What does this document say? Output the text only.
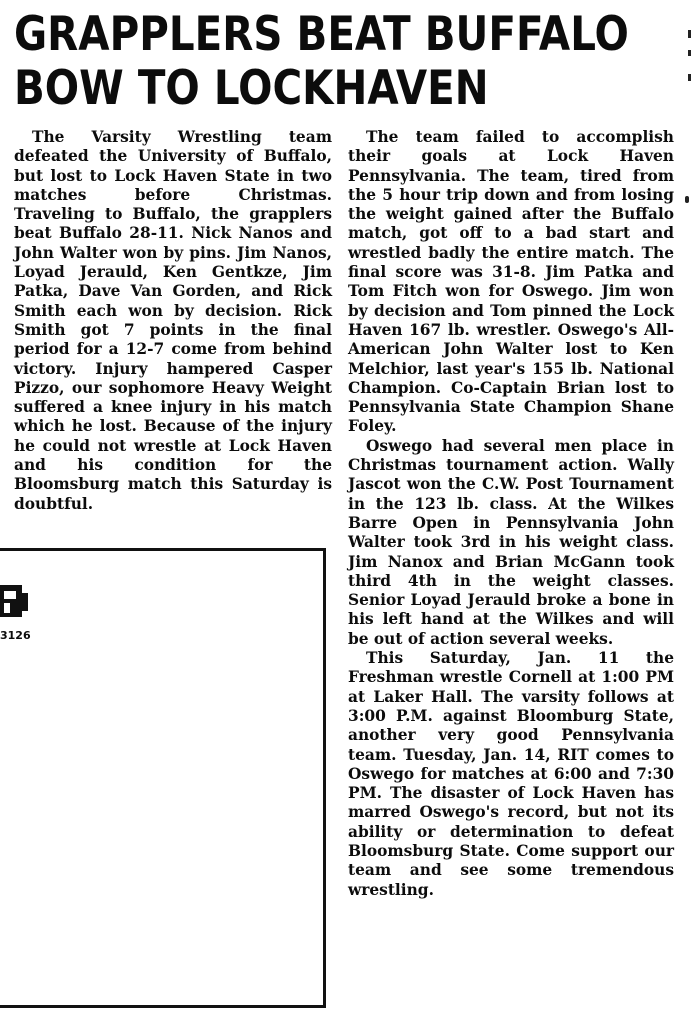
GRAPPLERS BEAT BUFFALO
BOW TO LOCKHAVEN

The Varsity Wrestling team defeated the University of Buffalo, but lost to Lock Haven State in two matches before Christmas. Traveling to Buffalo, the grapplers beat Buffalo 28-11. Nick Nanos and John Walter won by pins. Jim Nanos, Loyad Jerauld, Ken Gentkze, Jim Patka, Dave Van Gorden, and Rick Smith each won by decision. Rick Smith got 7 points in the final period for a 12-7 come from behind victory. Injury hampered Casper Pizzo, our sophomore Heavy Weight suffered a knee injury in his match which he lost. Because of the injury he could not wrestle at Lock Haven and his condition for the Bloomsburg match this Saturday is doubtful.

The team failed to accomplish their goals at Lock Haven Pennsylvania. The team, tired from the 5 hour trip down and from losing the weight gained after the Buffalo match, got off to a bad start and wrestled badly the entire match. The final score was 31-8. Jim Patka and Tom Fitch won for Oswego. Jim won by decision and Tom pinned the Lock Haven 167 lb. wrestler. Oswego's All-American John Walter lost to Ken Melchior, last year's 155 lb. National Champion. Co-Captain Brian lost to Pennsylvania State Champion Shane Foley.

Oswego had several men place in Christmas tournament action. Wally Jascot won the C.W. Post Tournament in the 123 lb. class. At the Wilkes Barre Open in Pennsylvania John Walter took 3rd in his weight class. Jim Nanox and Brian McGann took third 4th in the weight classes. Senior Loyad Jerauld broke a bone in his left hand at the Wilkes and will be out of action several weeks.

This Saturday, Jan. 11 the Freshman wrestle Cornell at 1:00 PM at Laker Hall. The varsity follows at 3:00 P.M. against Bloomburg State, another very good Pennsylvania team. Tuesday, Jan. 14, RIT comes to Oswego for matches at 6:00 and 7:30 PM. The disaster of Lock Haven has marred Oswego's record, but not its ability or determination to defeat Bloomsburg State. Come support our team and see some tremendous wrestling.

3126
